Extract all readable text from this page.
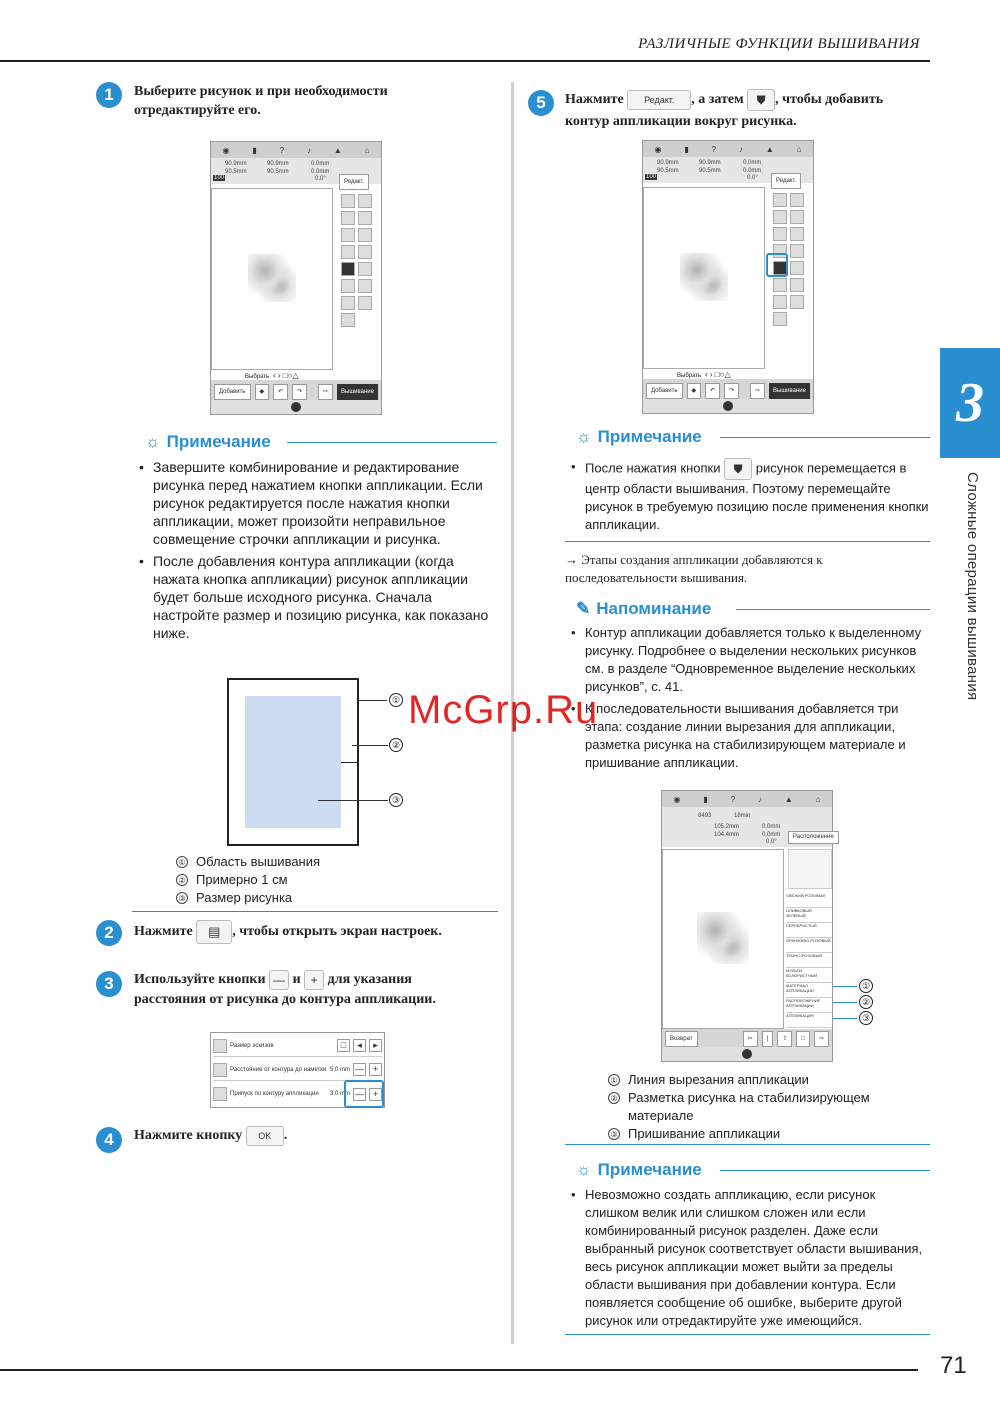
РАЗЛИЧНЫЕ ФУНКЦИИ ВЫШИВАНИЯ
3
Сложные операции вышивания
1	Выберите рисунок и при необходимости отредактируйте его.
◉	▮	?	♪	▲	⌂
90.9mm
90.5mm
90.9mm
90.5mm
0.0mm
0.0mm
0.0°
100
Редакт.
Выбрать ‹ › □○△
Добавить	◆	↶	↷	⇨	Вышивание
☼ Примечание
• Завершите комбинирование и редактирование рисунка перед нажатием кнопки аппликации. Если рисунок редактируется после нажатия кнопки аппликации, может произойти неправильное совмещение строчки аппликации и рисунка.
• После добавления контура аппликации (когда нажата кнопка аппликации) рисунок аппликации будет больше исходного рисунка. Сначала настройте размер и позицию рисунка, как показано ниже.
①
②
③
① Область вышивания
② Примерно 1 см
③ Размер рисунка
2	Нажмите ▤ , чтобы открыть экран настроек.
3	Используйте кнопки — и + для указания расстояния от рисунка до контура аппликации.
Размер эскизов	□	◂	▸
Расстояние от контура до наметки 5.0 mm — +
Припуск по контуру аппликации	3.0 mm — +
4	Нажмите кнопку OK .
5	Нажмите Редакт. , а затем ⛊ , чтобы добавить контур аппликации вокруг рисунка.
◉	▮	?	♪	▲	⌂
90.9mm
90.5mm
90.9mm
90.5mm
0.0mm
0.0mm
0.0°
100
Редакт.
Выбрать ‹ › □○△
Добавить	◆	↶	↷	⇨	Вышивание
☼ Примечание
• После нажатия кнопки ⛊ рисунок перемещается в центр области вышивания. Поэтому перемещайте рисунок в требуемую позицию после применения кнопки аппликации.
→ Этапы создания аппликации добавляются к последовательности вышивания.
✎ Напоминание
• Контур аппликации добавляется только к выделенному рисунку. Подробнее о выделении нескольких рисунков см. в разделе “Одновременное выделение нескольких рисунков”, с. 41.
• К последовательности вышивания добавляется три этапа: создание линии вырезания для аппликации, разметка рисунка на стабилизирующем материале и пришивание аппликации.
◉	▮	?	♪	▲	⌂
8493	18min
105.2mm
104.4mm
0.0mm
0.0mm
0.0°
Расположение
СВЕЖИЙ РОЗОВЫЙ
ОЛИВКОВЫЙ ЗЕЛЕНЫЙ
СЕРЕБРИСТЫЙ
ОРАНЖЕВО-РОЗОВЫЙ
ТЕМНО-РОЗОВЫЙ
МУЛЬТИ-КОЛОРИСТНЫЙ
МАТЕРИАЛ АППЛИКАЦИИ
РАСПОЛОЖЕНИЕ АППЛИКАЦИИ
АППЛИКАЦИЯ
Возврат	✂	|	⇧	□	⇨
①
②
③
① Линия вырезания аппликации
② Разметка рисунка на стабилизирующем материале
③ Пришивание аппликации
☼ Примечание
• Невозможно создать аппликацию, если рисунок слишком велик или слишком сложен или если комбинированный рисунок разделен. Даже если выбранный рисунок соответствует области вышивания, весь рисунок аппликации может выйти за пределы области вышивания при добавлении контура. Если появляется сообщение об ошибке, выберите другой рисунок или отредактируйте уже имеющийся.
McGrp.Ru
71
